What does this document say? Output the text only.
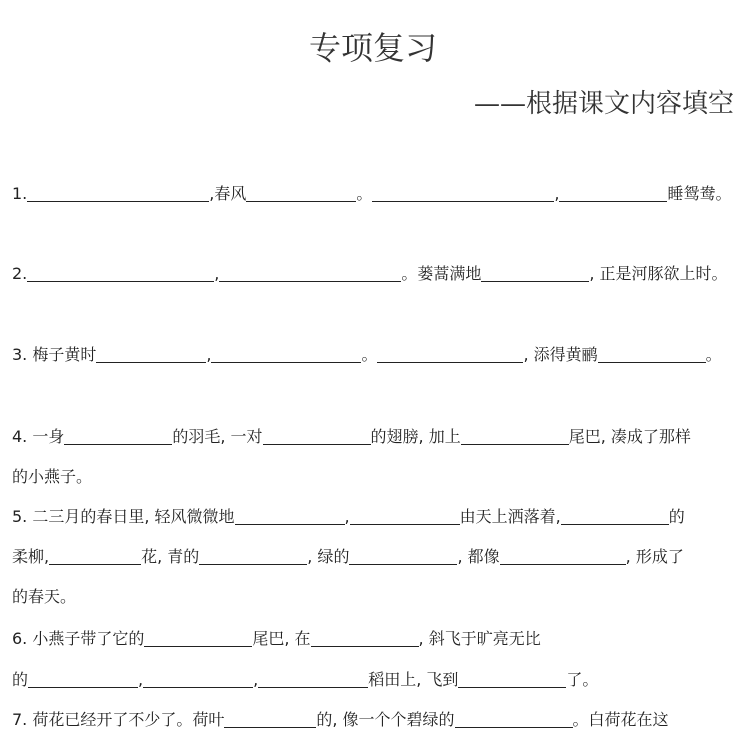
专项复习
——根据课文内容填空
1.	,春风	。	,	睡鸳鸯。
2.	,	。蒌蒿满地	, 正是河豚欲上时。
3. 梅子黄时	,	。	, 添得黄鹂	。
4. 一身	的羽毛, 一对	的翅膀, 加上	尾巴, 凑成了那样
的小燕子。
5. 二三月的春日里, 轻风微微地	,	由天上洒落着,	的
柔柳,	花, 青的	, 绿的	, 都像	, 形成了
的春天。
6. 小燕子带了它的	尾巴, 在	, 斜飞于旷亮无比
的	,	,	稻田上, 飞到	了。
7. 荷花已经开了不少了。荷叶	的, 像一个个碧绿的	。白荷花在这
